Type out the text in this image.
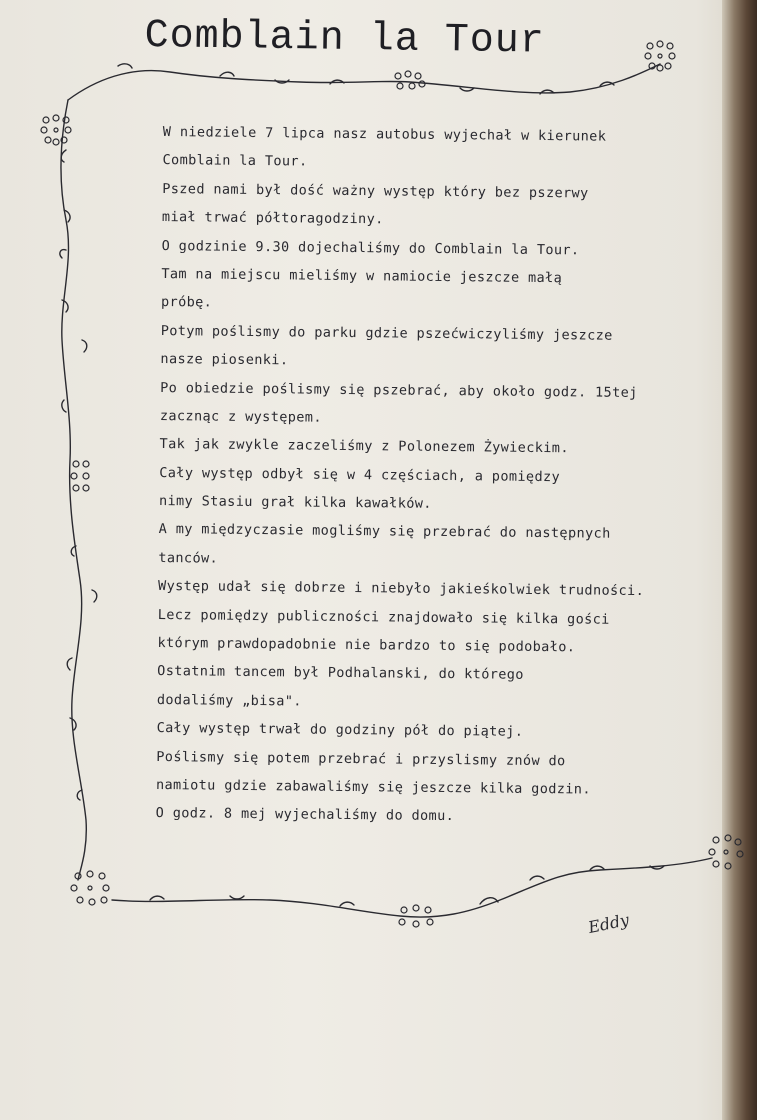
Comblain la Tour
W niedziele 7 lipca nasz autobus wyjechał w kierunek
Comblain la Tour.
Pszed nami był dość ważny występ który bez pszerwy
miał trwać półtoragodziny.
O godzinie 9.30 dojechaliśmy do Comblain la Tour.
Tam na miejscu mieliśmy w namiocie jeszcze małą
próbę.
Potym poślismy do parku gdzie pszećwiczyliśmy jeszcze
nasze piosenki.
Po obiedzie poślismy się pszebrać, aby około godz. 15tej
zacznąc z występem.
Tak jak zwykle zaczeliśmy z Polonezem Żywieckim.
Cały występ odbył się w 4 częściach, a pomiędzy
nimy Stasiu grał kilka kawałków.
A my międzyczasie mogliśmy się przebrać do następnych
tanców.
Występ udał się dobrze i niebyło jakieśkolwiek trudności.
Lecz pomiędzy publiczności znajdowało się kilka gości
którym prawdopadobnie nie bardzo to się podobało.
Ostatnim tancem był Podhalanski, do którego
dodaliśmy „bisa".
Cały występ trwał do godziny pół do piątej.
Poślismy się potem przebrać i przyslismy znów do
namiotu gdzie zabawaliśmy się jeszcze kilka godzin.
O godz. 8 mej wyjechaliśmy do domu.
Eddy
